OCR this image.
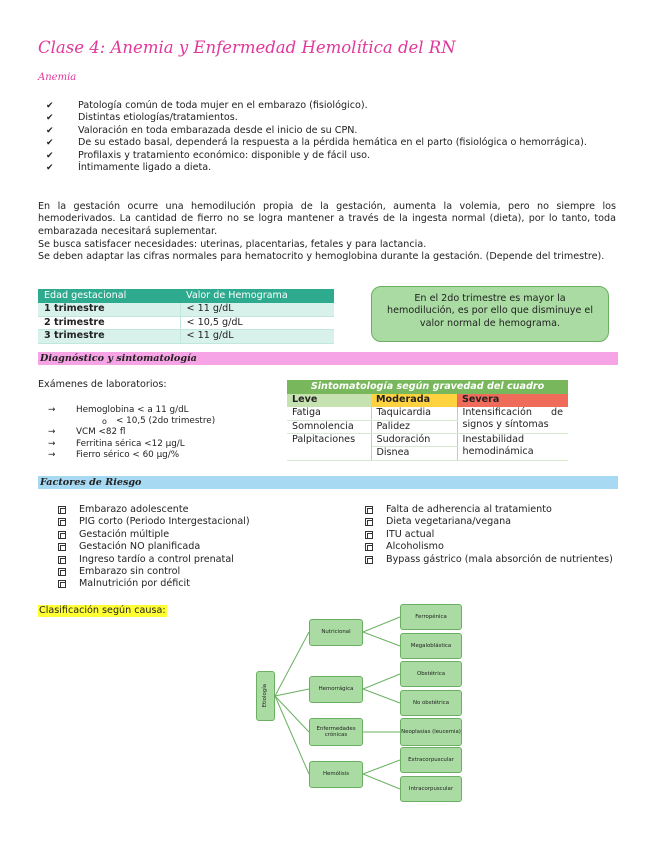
Clase 4: Anemia y Enfermedad Hemolítica del RN
Anemia
✔	Patología común de toda mujer en el embarazo (fisiológico).
✔	Distintas etiologías/tratamientos.
✔	Valoración en toda embarazada desde el inicio de su CPN.
✔	De su estado basal, dependerá la respuesta a la pérdida hemática en el parto (fisiológica o hemorrágica).
✔	Profilaxis y tratamiento económico: disponible y de fácil uso.
✔	Íntimamente ligado a dieta.
En la gestación ocurre una hemodilución propia de la gestación, aumenta la volemia, pero no siempre los hemoderivados. La cantidad de fierro no se logra mantener a través de la ingesta normal (dieta), por lo tanto, toda embarazada necesitará suplementar.
Se busca satisfacer necesidades: uterinas, placentarias, fetales y para lactancia.
Se deben adaptar las cifras normales para hematocrito y hemoglobina durante la gestación. (Depende del trimestre).
Edad gestacional	Valor de Hemograma
1 trimestre	< 11 g/dL
2 trimestre	< 10,5 g/dL
3 trimestre	< 11 g/dL
En el 2do trimestre es mayor la hemodilución, es por ello que disminuye el valor normal de hemograma.
Diagnóstico y sintomatología
Exámenes de laboratorios:
→ Hemoglobina < a 11 g/dL
o < 10,5 (2do trimestre)
→ VCM <82 fl
→ Ferritina sérica <12 µg/L
→ Fierro sérico < 60 µg/%
Sintomatología según gravedad del cuadro		
Leve	Moderada	Severa
Fatiga	Taquicardia	Intensificación de signos y síntomas
Somnolencia	Palidez	
Palpitaciones	Sudoración	Inestabilidad hemodinámica
	Disnea	
Factores de Riesgo
Embarazo adolescente
PIG corto (Periodo Intergestacional)
Gestación múltiple
Gestación NO planificada
Ingreso tardío a control prenatal
Embarazo sin control
Malnutrición por déficit
Falta de adherencia al tratamiento
Dieta vegetariana/vegana
ITU actual
Alcoholismo
Bypass gástrico (mala absorción de nutrientes)
Clasificación según causa:
Etiología
Nutricional
Hemorrágica
Enfermedades crónicas
Hemólisis
Ferropénica
Megaloblástica
Obstétrica
No obstétrica
Neoplasias (leucemia)
Extracorpuscular
Intracorpuscular
